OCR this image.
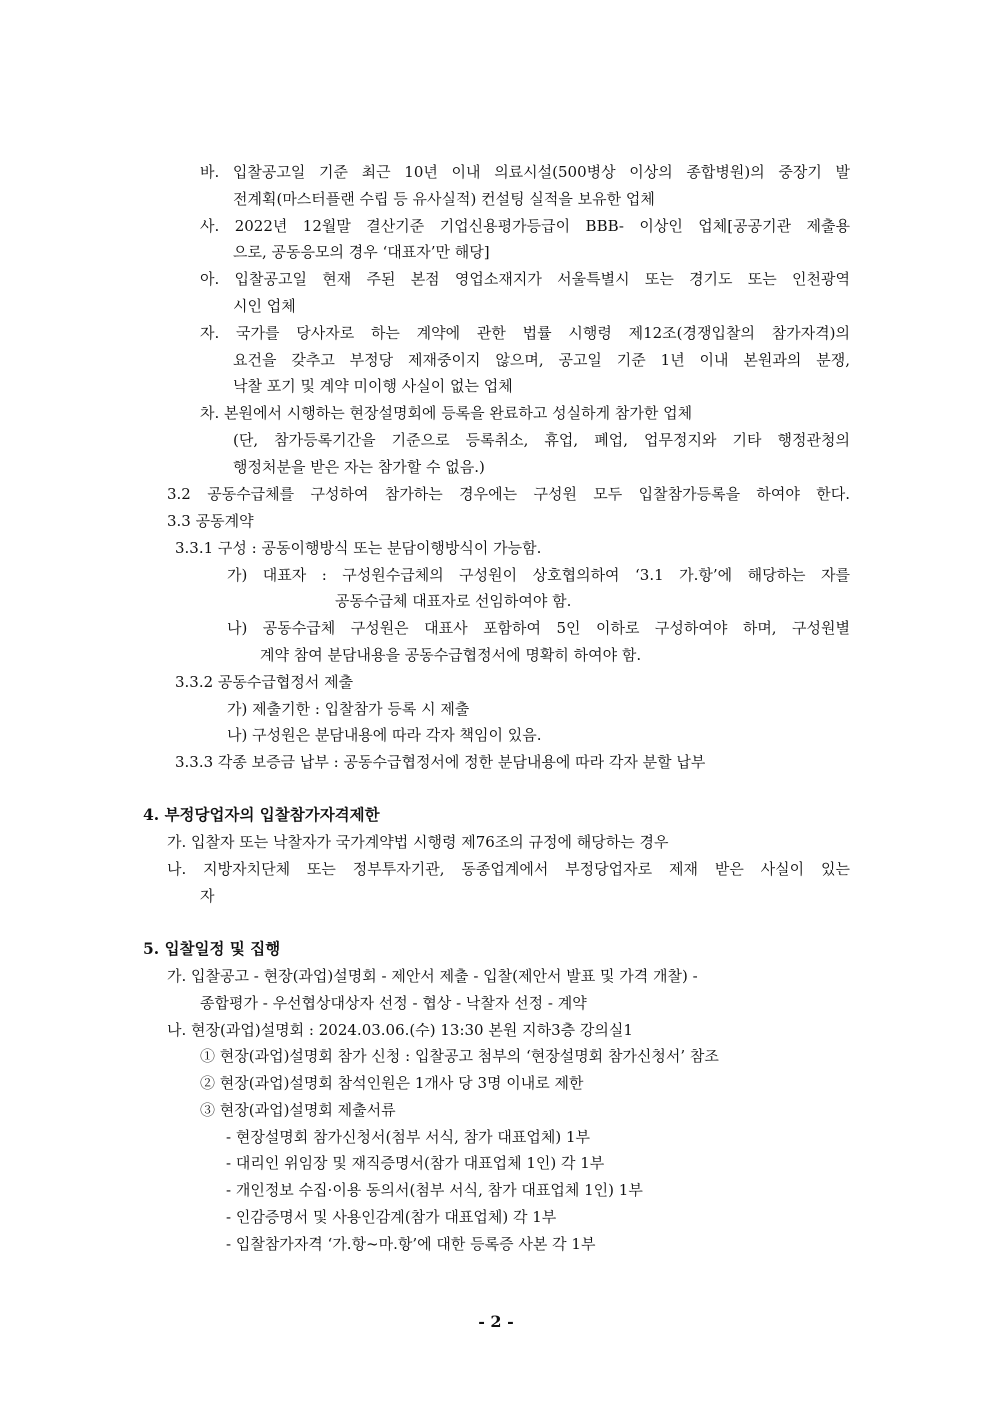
바. 입찰공고일 기준 최근 10년 이내 의료시설(500병상 이상의 종합병원)의 중장기 발
전계획(마스터플랜 수립 등 유사실적) 컨설팅 실적을 보유한 업체
사. 2022년 12월말 결산기준 기업신용평가등급이 BBB- 이상인 업체[공공기관 제출용
으로, 공동응모의 경우 ‘대표자’만 해당]
아. 입찰공고일 현재 주된 본점 영업소재지가 서울특별시 또는 경기도 또는 인천광역
시인 업체
자. 국가를 당사자로 하는 계약에 관한 법률 시행령 제12조(경쟁입찰의 참가자격)의
요건을 갖추고 부정당 제재중이지 않으며, 공고일 기준 1년 이내 본원과의 분쟁,
낙찰 포기 및 계약 미이행 사실이 없는 업체
차. 본원에서 시행하는 현장설명회에 등록을 완료하고 성실하게 참가한 업체
(단, 참가등록기간을 기준으로 등록취소, 휴업, 폐업, 업무정지와 기타 행정관청의
행정처분을 받은 자는 참가할 수 없음.)
3.2 공동수급체를 구성하여 참가하는 경우에는 구성원 모두 입찰참가등록을 하여야 한다.
3.3 공동계약
3.3.1 구성 : 공동이행방식 또는 분담이행방식이 가능함.
가) 대표자 : 구성원수급체의 구성원이 상호협의하여 ‘3.1 가.항’에 해당하는 자를
공동수급체 대표자로 선임하여야 함.
나) 공동수급체 구성원은 대표사 포함하여 5인 이하로 구성하여야 하며, 구성원별
계약 참여 분담내용을 공동수급협정서에 명확히 하여야 함.
3.3.2 공동수급협정서 제출
가) 제출기한 : 입찰참가 등록 시 제출
나) 구성원은 분담내용에 따라 각자 책임이 있음.
3.3.3 각종 보증금 납부 : 공동수급협정서에 정한 분담내용에 따라 각자 분할 납부
4. 부정당업자의 입찰참가자격제한
가. 입찰자 또는 낙찰자가 국가계약법 시행령 제76조의 규정에 해당하는 경우
나. 지방자치단체 또는 정부투자기관, 동종업계에서 부정당업자로 제재 받은 사실이 있는
자
5. 입찰일정 및 집행
가. 입찰공고 - 현장(과업)설명회 - 제안서 제출 - 입찰(제안서 발표 및 가격 개찰) -
종합평가 - 우선협상대상자 선정 - 협상 - 낙찰자 선정 - 계약
나. 현장(과업)설명회 : 2024.03.06.(수) 13:30 본원 지하3층 강의실1
① 현장(과업)설명회 참가 신청 : 입찰공고 첨부의 ‘현장설명회 참가신청서’ 참조
② 현장(과업)설명회 참석인원은 1개사 당 3명 이내로 제한
③ 현장(과업)설명회 제출서류
- 현장설명회 참가신청서(첨부 서식, 참가 대표업체) 1부
- 대리인 위임장 및 재직증명서(참가 대표업체 1인) 각 1부
- 개인정보 수집·이용 동의서(첨부 서식, 참가 대표업체 1인) 1부
- 인감증명서 및 사용인감계(참가 대표업체) 각 1부
- 입찰참가자격 ‘가.항~마.항’에 대한 등록증 사본 각 1부
- 2 -
